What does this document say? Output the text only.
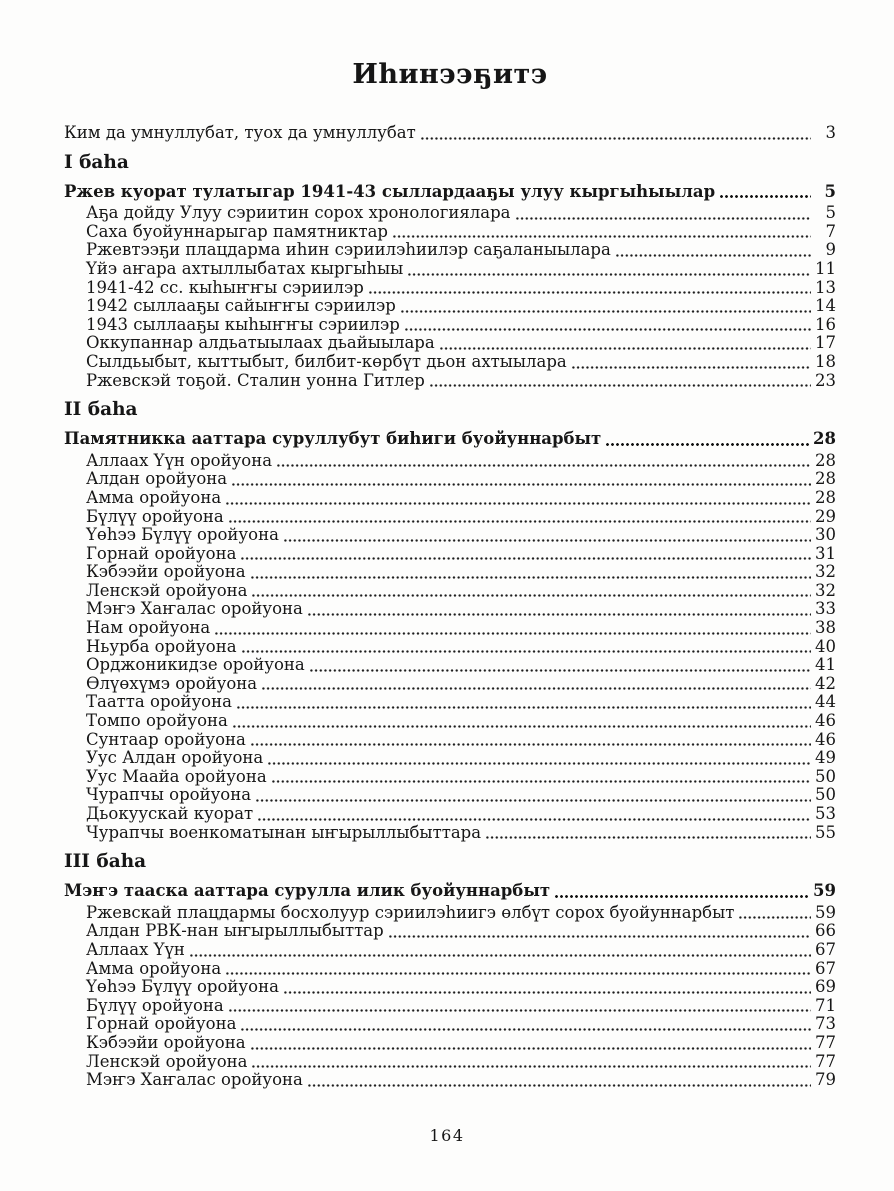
Иһинээҕитэ
Ким да умнуллубат, туох да умнуллубат	3
I баһа
Ржев куорат тулатыгар 1941-43 сыллардааҕы улуу кыргыһыылар	5
Аҕа дойду Улуу сэриитин сорох хронологиялара	5
Саха буойуннарыгар памятниктар	7
Ржевтээҕи плацдарма иһин сэриилэһиилэр саҕаланыылара	9
Үйэ аҥара ахтыллыбатах кыргыһыы	11
1941-42 сс. кыһыҥҥы сэриилэр	13
1942 сыллааҕы сайыҥҥы сэриилэр	14
1943 сыллааҕы кыһыҥҥы сэриилэр	16
Оккупаннар алдьатыылаах дьайыылара	17
Сылдьыбыт, кыттыбыт, билбит-көрбүт дьон ахтыылара	18
Ржевскэй тоҕой. Сталин уонна Гитлер	23
II баһа
Памятникка ааттара суруллубут биһиги буойуннарбыт	28
Аллаах Үүн оройуона	28
Алдан оройуона	28
Амма оройуона	28
Бүлүү оройуона	29
Үөһээ Бүлүү оройуона	30
Горнай оройуона	31
Кэбээйи оройуона	32
Ленскэй оройуона	32
Мэҥэ Хаҥалас оройуона	33
Нам оройуона	38
Ньурба оройуона	40
Орджоникидзе оройуона	41
Өлүөхүмэ оройуона	42
Таатта оройуона	44
Томпо оройуона	46
Сунтаар оройуона	46
Уус Алдан оройуона	49
Уус Маайа оройуона	50
Чурапчы оройуона	50
Дьокуускай куорат	53
Чурапчы военкоматынан ыҥырыллыбыттара	55
III баһа
Мэҥэ тааска ааттара сурулла илик буойуннарбыт	59
Ржевскай плацдармы босхолуур сэриилэһиигэ өлбүт сорох буойуннарбыт	59
Алдан РВК-нан ыҥырыллыбыттар	66
Аллаах Үүн	67
Амма оройуона	67
Үөһээ Бүлүү оройуона	69
Бүлүү оройуона	71
Горнай оройуона	73
Кэбээйи оройуона	77
Ленскэй оройуона	77
Мэҥэ Хаҥалас оройуона	79
164
